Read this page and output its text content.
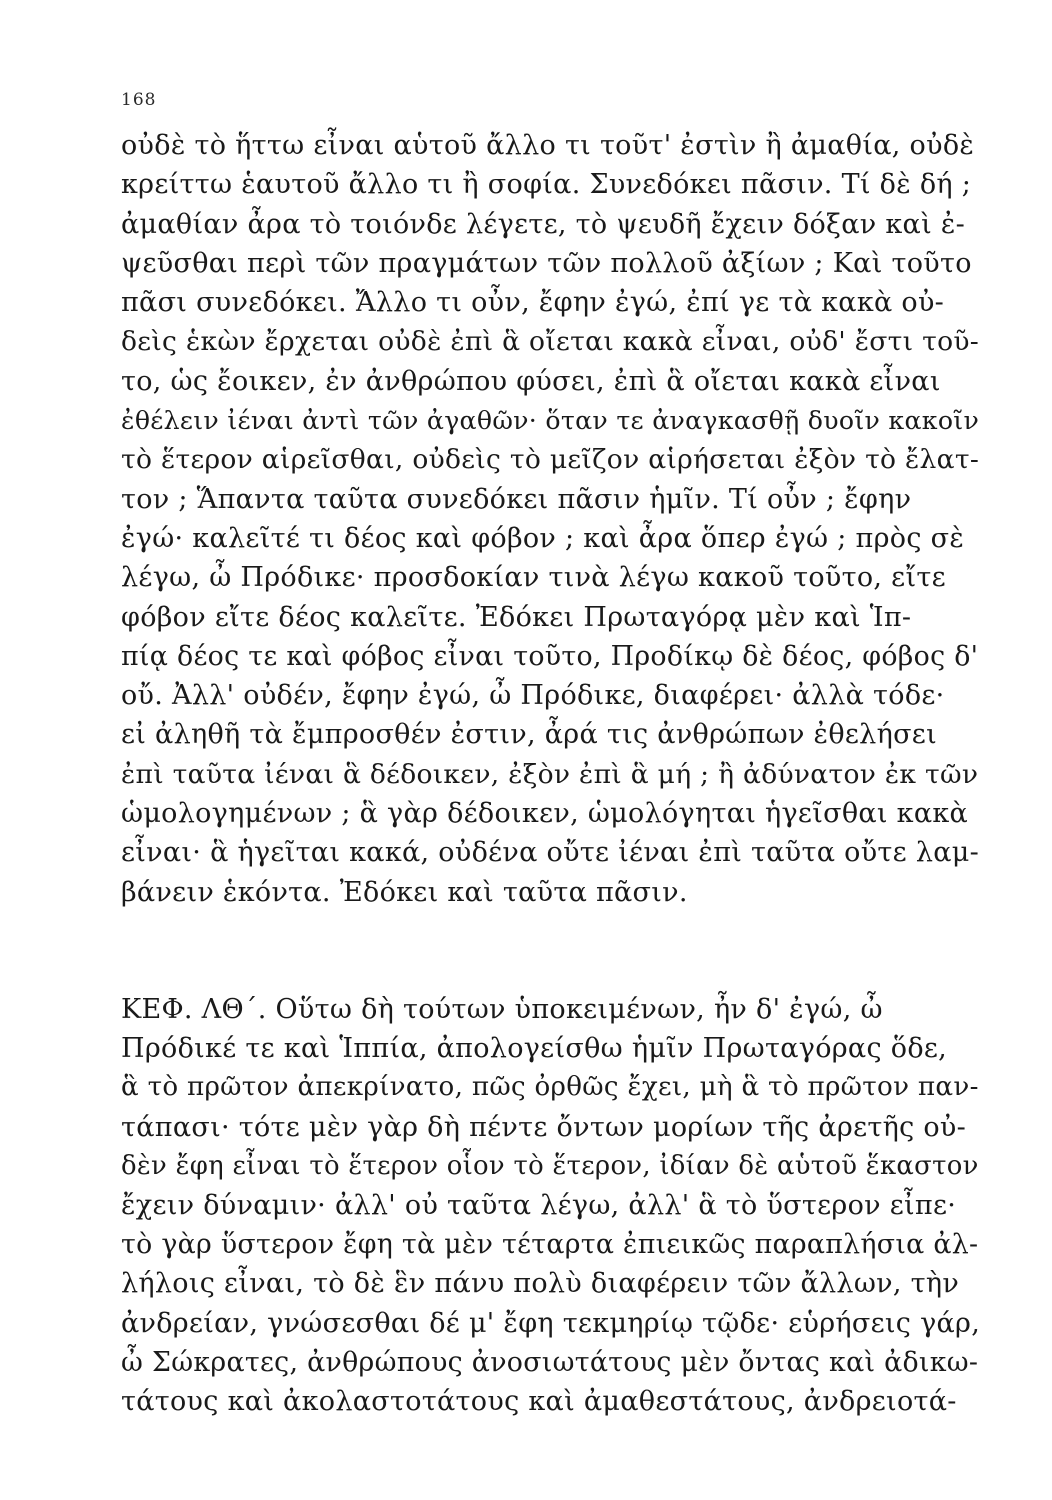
168
οὐδὲ τὸ ἥττω εἶναι αὑτοῦ ἄλλο τι τοῦτ' ἐστὶν ἢ ἀμαθία, οὐδὲ
κρείττω ἑαυτοῦ ἄλλο τι ἢ σοφία. Συνεδόκει πᾶσιν. Τί δὲ δή ;
ἀμαθίαν ἆρα τὸ τοιόνδε λέγετε, τὸ ψευδῆ ἔχειν δόξαν καὶ ἐ-
ψεῦσθαι περὶ τῶν πραγμάτων τῶν πολλοῦ ἀξίων ; Καὶ τοῦτο
πᾶσι συνεδόκει. Ἄλλο τι οὖν, ἔφην ἐγώ, ἐπί γε τὰ κακὰ οὐ-
δεὶς ἑκὼν ἔρχεται οὐδὲ ἐπὶ ἃ οἴεται κακὰ εἶναι, οὐδ' ἔστι τοῦ-
το, ὡς ἔοικεν, ἐν ἀνθρώπου φύσει, ἐπὶ ἃ οἴεται κακὰ εἶναι
ἐθέλειν ἰέναι ἀντὶ τῶν ἀγαθῶν· ὅταν τε ἀναγκασθῇ δυοῖν κακοῖν
τὸ ἕτερον αἱρεῖσθαι, οὐδεὶς τὸ μεῖζον αἱρήσεται ἐξὸν τὸ ἔλατ-
τον ; Ἅπαντα ταῦτα συνεδόκει πᾶσιν ἡμῖν. Τί οὖν ; ἔφην
ἐγώ· καλεῖτέ τι δέος καὶ φόβον ; καὶ ἆρα ὅπερ ἐγώ ; πρὸς σὲ
λέγω, ὦ Πρόδικε· προσδοκίαν τινὰ λέγω κακοῦ τοῦτο, εἴτε
φόβον εἴτε δέος καλεῖτε. Ἐδόκει Πρωταγόρᾳ μὲν καὶ Ἱπ-
πίᾳ δέος τε καὶ φόβος εἶναι τοῦτο, Προδίκῳ δὲ δέος, φόβος δ'
οὔ. Ἀλλ' οὐδέν, ἔφην ἐγώ, ὦ Πρόδικε, διαφέρει· ἀλλὰ τόδε·
εἰ ἀληθῆ τὰ ἔμπροσθέν ἐστιν, ἆρά τις ἀνθρώπων ἐθελήσει
ἐπὶ ταῦτα ἰέναι ἃ δέδοικεν, ἐξὸν ἐπὶ ἃ μή ; ἢ ἀδύνατον ἐκ τῶν
ὡμολογημένων ; ἃ γὰρ δέδοικεν, ὡμολόγηται ἡγεῖσθαι κακὰ
εἶναι· ἃ ἡγεῖται κακά, οὐδένα οὔτε ἰέναι ἐπὶ ταῦτα οὔτε λαμ-
βάνειν ἑκόντα. Ἐδόκει καὶ ταῦτα πᾶσιν.
ΚΕΦ. ΛΘ΄. Οὕτω δὴ τούτων ὑποκειμένων, ἦν δ' ἐγώ, ὦ
Πρόδικέ τε καὶ Ἱππία, ἀπολογείσθω ἡμῖν Πρωταγόρας ὅδε,
ἃ τὸ πρῶτον ἀπεκρίνατο, πῶς ὀρθῶς ἔχει, μὴ ἃ τὸ πρῶτον παν-
τάπασι· τότε μὲν γὰρ δὴ πέντε ὄντων μορίων τῆς ἀρετῆς οὐ-
δὲν ἔφη εἶναι τὸ ἕτερον οἷον τὸ ἕτερον, ἰδίαν δὲ αὑτοῦ ἕκαστον
ἔχειν δύναμιν· ἀλλ' οὐ ταῦτα λέγω, ἀλλ' ἃ τὸ ὕστερον εἶπε·
τὸ γὰρ ὕστερον ἔφη τὰ μὲν τέταρτα ἐπιεικῶς παραπλήσια ἀλ-
λήλοις εἶναι, τὸ δὲ ἓν πάνυ πολὺ διαφέρειν τῶν ἄλλων, τὴν
ἀνδρείαν, γνώσεσθαι δέ μ' ἔφη τεκμηρίῳ τῷδε· εὑρήσεις γάρ,
ὦ Σώκρατες, ἀνθρώπους ἀνοσιωτάτους μὲν ὄντας καὶ ἀδικω-
τάτους καὶ ἀκολαστοτάτους καὶ ἀμαθεστάτους, ἀνδρειοτά-
